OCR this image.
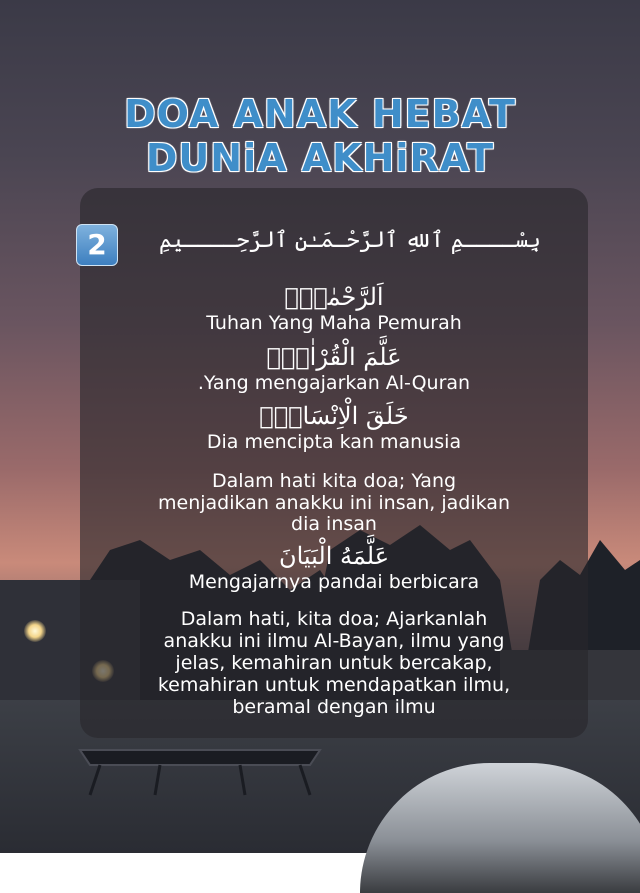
DOA ANAK HEBAT
DUNiA AKHiRAT
2	بِسْــــمِ ٱللهِ ٱلرَّحْـمَـٰنِ ٱلرَّحِــــيمِ
اَلرَّحْمٰنُۙ
Tuhan Yang Maha Pemurah
عَلَّمَ الْقُرْاٰنَۗ
.Yang mengajarkan Al-Quran
خَلَقَ الْاِنْسَانَۙ
Dia mencipta kan manusia
Dalam hati kita doa; Yang
menjadikan anakku ini insan, jadikan
dia insan
عَلَّمَهُ الْبَيَانَ
Mengajarnya pandai berbicara
Dalam hati, kita doa; Ajarkanlah
anakku ini ilmu Al-Bayan, ilmu yang
jelas, kemahiran untuk bercakap,
kemahiran untuk mendapatkan ilmu,
beramal dengan ilmu
